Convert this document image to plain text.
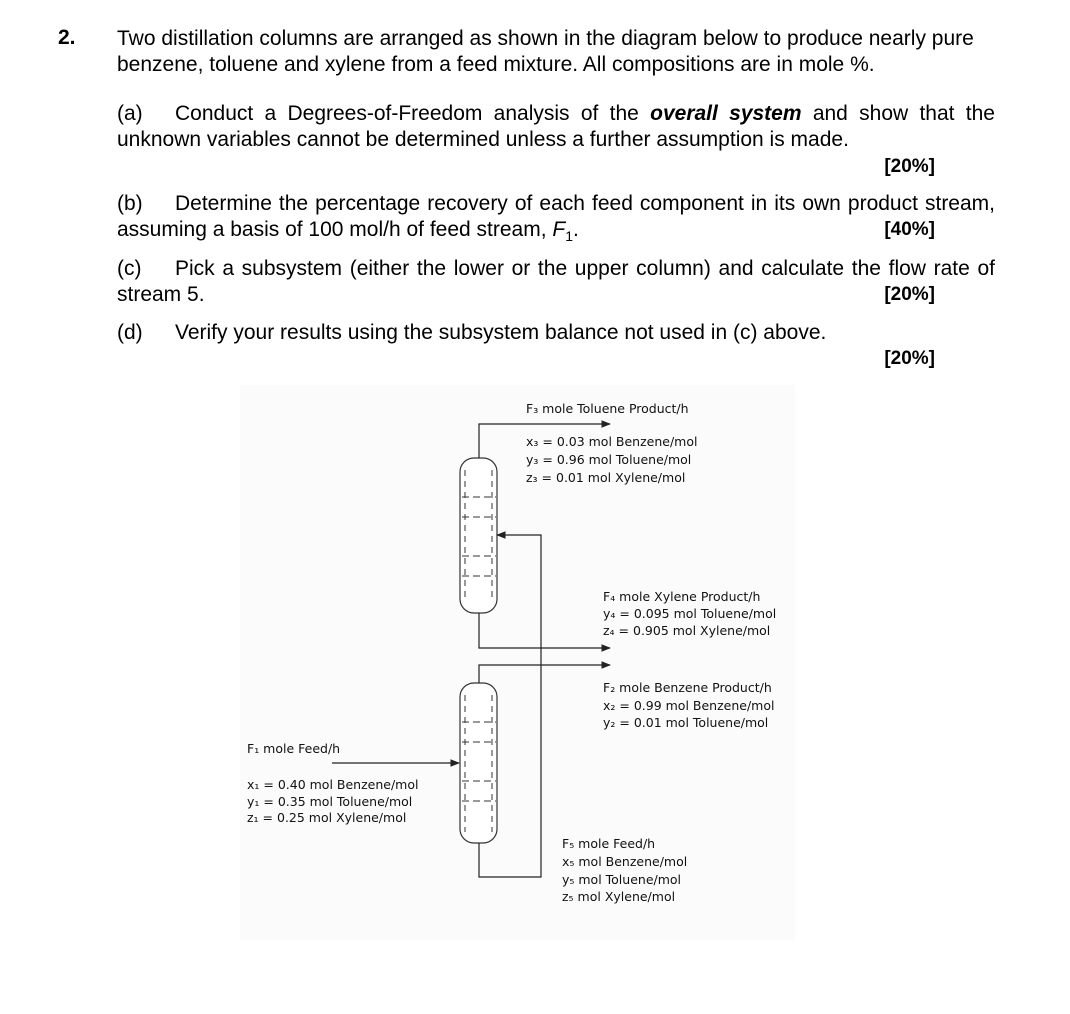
2. Two distillation columns are arranged as shown in the diagram below to produce nearly pure benzene, toluene and xylene from a feed mixture. All compositions are in mole %.
(a) Conduct a Degrees-of-Freedom analysis of the overall system and show that the unknown variables cannot be determined unless a further assumption is made.
[20%]
(b) Determine the percentage recovery of each feed component in its own product stream, assuming a basis of 100 mol/h of feed stream, $F_1$.	[40%]
(c) Pick a subsystem (either the lower or the upper column) and calculate the flow rate of stream 5.	[20%]
(d) Verify your results using the subsystem balance not used in (c) above.
[20%]
F₃ mole Toluene Product/h
x₃ = 0.03 mol Benzene/mol
y₃ = 0.96 mol Toluene/mol
z₃ = 0.01 mol Xylene/mol
F₄ mole Xylene Product/h
y₄ = 0.095 mol Toluene/mol
z₄ = 0.905 mol Xylene/mol
F₂ mole Benzene Product/h
x₂ = 0.99 mol Benzene/mol
y₂ = 0.01 mol Toluene/mol
F₁ mole Feed/h
x₁ = 0.40 mol Benzene/mol
y₁ = 0.35 mol Toluene/mol
z₁ = 0.25 mol Xylene/mol
F₅ mole Feed/h
x₅ mol Benzene/mol
y₅ mol Toluene/mol
z₅ mol Xylene/mol
